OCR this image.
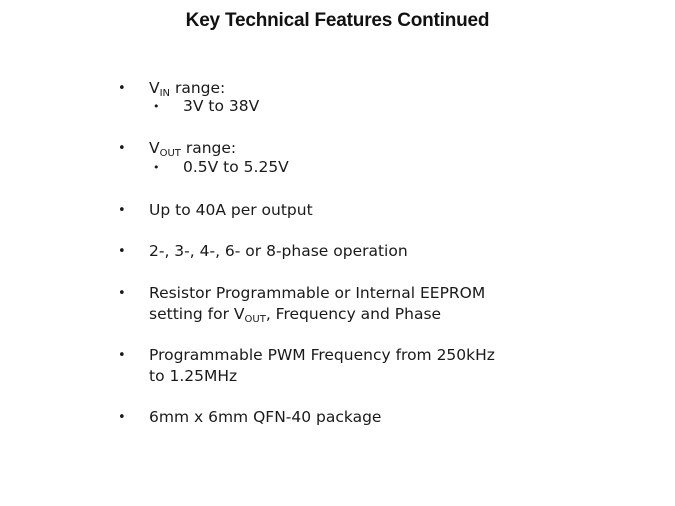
Key Technical Features Continued
•	$V_{IN}$ range:
•	3V to 38V
•	$V_{OUT}$ range:
•	0.5V to 5.25V
•	Up to 40A per output
•	2-, 3-, 4-, 6- or 8-phase operation
•	Resistor Programmable or Internal EEPROM
setting for $V_{OUT}$, Frequency and Phase
•	Programmable PWM Frequency from 250kHz
to 1.25MHz
•	6mm x 6mm QFN-40 package
